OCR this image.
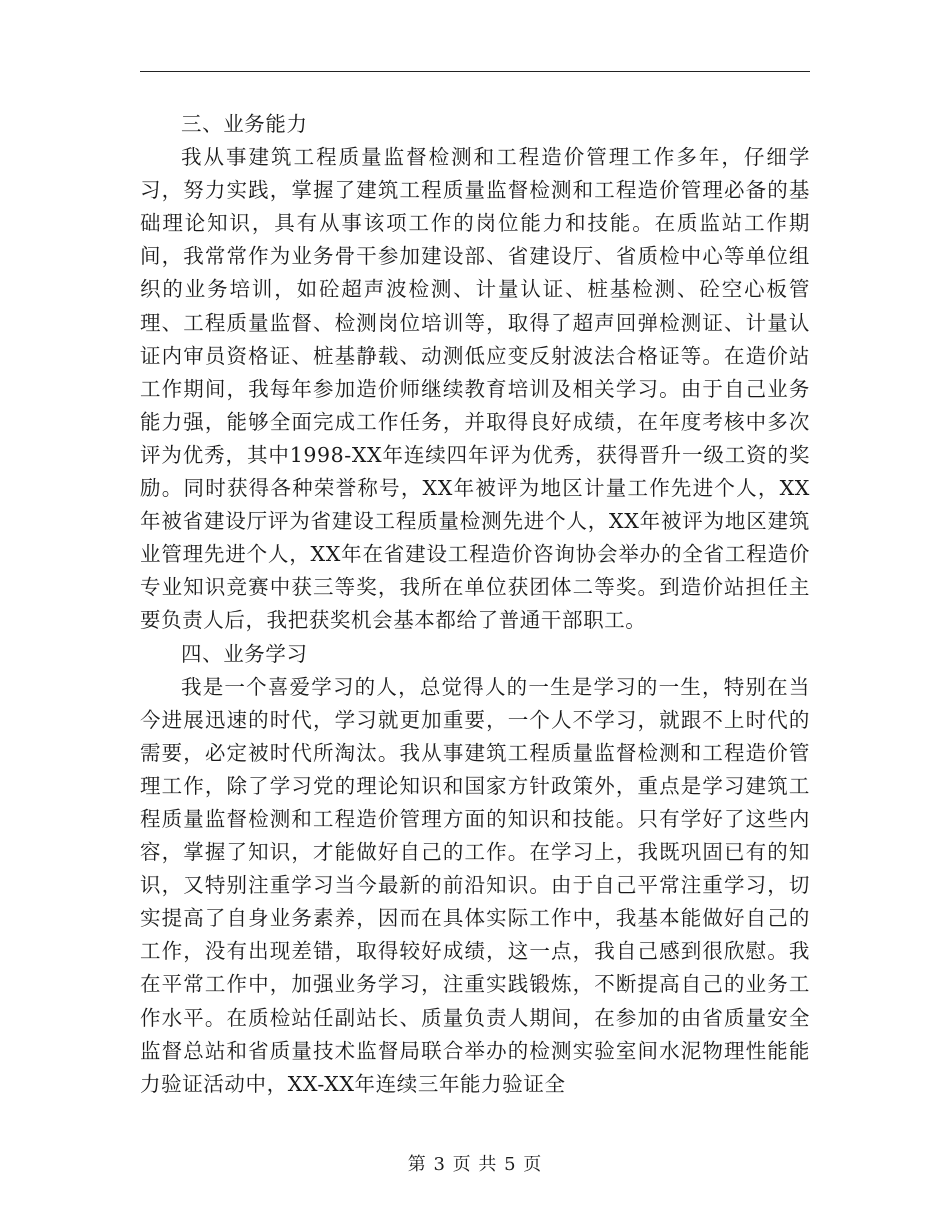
三、业务能力

我从事建筑工程质量监督检测和工程造价管理工作多年，仔细学习，努力实践，掌握了建筑工程质量监督检测和工程造价管理必备的基础理论知识，具有从事该项工作的岗位能力和技能。在质监站工作期间，我常常作为业务骨干参加建设部、省建设厅、省质检中心等单位组织的业务培训，如砼超声波检测、计量认证、桩基检测、砼空心板管理、工程质量监督、检测岗位培训等，取得了超声回弹检测证、计量认证内审员资格证、桩基静载、动测低应变反射波法合格证等。在造价站工作期间，我每年参加造价师继续教育培训及相关学习。由于自己业务能力强，能够全面完成工作任务，并取得良好成绩，在年度考核中多次评为优秀，其中1998-XX年连续四年评为优秀，获得晋升一级工资的奖励。同时获得各种荣誉称号，XX年被评为地区计量工作先进个人，XX年被省建设厅评为省建设工程质量检测先进个人，XX年被评为地区建筑业管理先进个人，XX年在省建设工程造价咨询协会举办的全省工程造价专业知识竞赛中获三等奖，我所在单位获团体二等奖。到造价站担任主要负责人后，我把获奖机会基本都给了普通干部职工。

四、业务学习

我是一个喜爱学习的人，总觉得人的一生是学习的一生，特别在当今进展迅速的时代，学习就更加重要，一个人不学习，就跟不上时代的需要，必定被时代所淘汰。我从事建筑工程质量监督检测和工程造价管理工作，除了学习党的理论知识和国家方针政策外，重点是学习建筑工程质量监督检测和工程造价管理方面的知识和技能。只有学好了这些内容，掌握了知识，才能做好自己的工作。在学习上，我既巩固已有的知识，又特别注重学习当今最新的前沿知识。由于自己平常注重学习，切实提高了自身业务素养，因而在具体实际工作中，我基本能做好自己的工作，没有出现差错，取得较好成绩，这一点，我自己感到很欣慰。我在平常工作中，加强业务学习，注重实践锻炼，不断提高自己的业务工作水平。在质检站任副站长、质量负责人期间，在参加的由省质量安全监督总站和省质量技术监督局联合举办的检测实验室间水泥物理性能能力验证活动中，XX-XX年连续三年能力验证全

第 3 页 共 5 页
